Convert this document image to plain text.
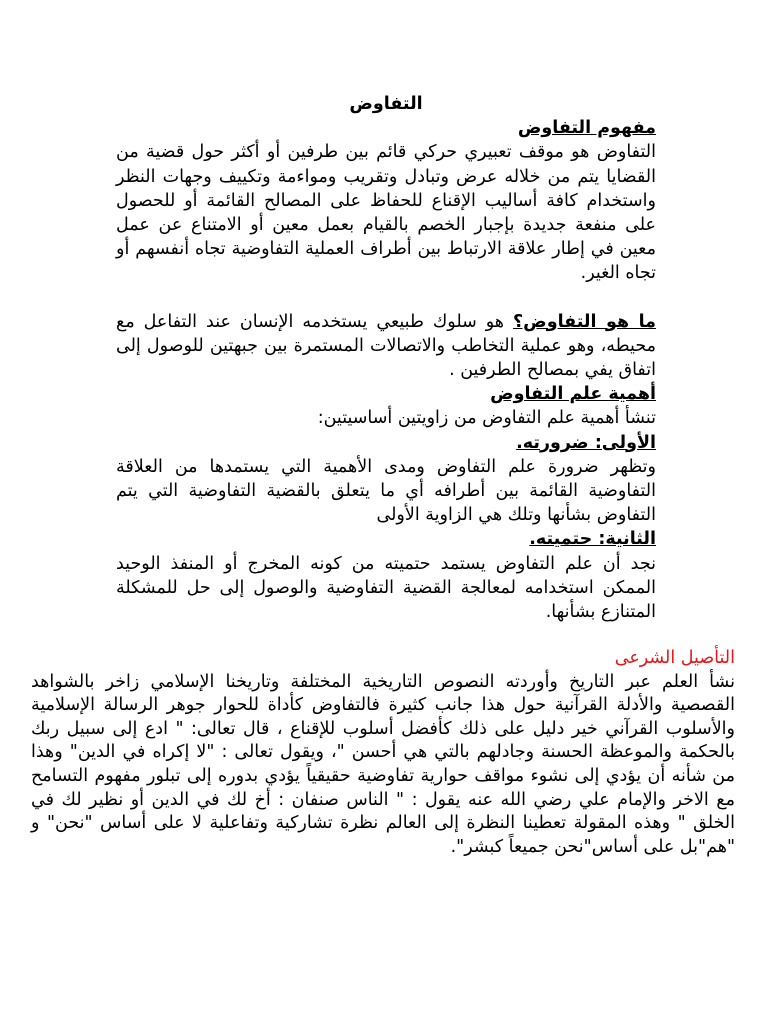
التفاوض

مفهوم التفاوض

التفاوض هو موقف تعبيري حركي قائم بين طرفين أو أكثر حول قضية من القضايا يتم من خلاله عرض وتبادل وتقريب ومواءمة وتكييف وجهات النظر واستخدام كافة أساليب الإقناع للحفاظ على المصالح القائمة أو للحصول على منفعة جديدة بإجبار الخصم بالقيام بعمل معين أو الامتناع عن عمل معين في إطار علاقة الارتباط بين أطراف العملية التفاوضية تجاه أنفسهم أو تجاه الغير.

ما هو التفاوض؟ هو سلوك طبيعي يستخدمه الإنسان عند التفاعل مع محيطه، وهو عملية التخاطب والاتصالات المستمرة بين جبهتين للوصول إلى اتفاق يفي بمصالح الطرفين .

أهمية علم التفاوض

تنشأ أهمية علم التفاوض من زاويتين أساسيتين:

الأولى: ضرورته.

وتظهر ضرورة علم التفاوض ومدى الأهمية التي يستمدها من العلاقة التفاوضية القائمة بين أطرافه أي ما يتعلق بالقضية التفاوضية التي يتم التفاوض بشأنها وتلك هي الزاوية الأولى

الثانية: حتميته.

نجد أن علم التفاوض يستمد حتميته من كونه المخرج أو المنفذ الوحيد الممكن استخدامه لمعالجة القضية التفاوضية والوصول إلى حل للمشكلة المتنازع بشأنها.

التأصيل الشرعى

نشأ العلم عبر التاريخ وأوردته النصوص التاريخية المختلفة وتاريخنا الإسلامي زاخر بالشواهد القصصية والأدلة القرآنية حول هذا جانب كثيرة فالتفاوض كأداة للحوار جوهر الرسالة الإسلامية والأسلوب القرآني خير دليل على ذلك كأفضل أسلوب للإقناع ، قال تعالى: " ادع إلى سبيل ربك بالحكمة والموعظة الحسنة وجادلهم بالتي هي أحسن "، ويقول تعالى : "لا إكراه في الدين" وهذا من شأنه أن يؤدي إلى نشوء مواقف حوارية تفاوضية حقيقياً يؤدي بدوره إلى تبلور مفهوم التسامح مع الاخر والإمام علي رضي الله عنه يقول : " الناس صنفان : أخ لك في الدين أو نظير لك في الخلق " وهذه المقولة تعطينا النظرة إلى العالم نظرة تشاركية وتفاعلية لا على أساس "نحن" و "هم"بل على أساس"نحن جميعاً كبشر".
